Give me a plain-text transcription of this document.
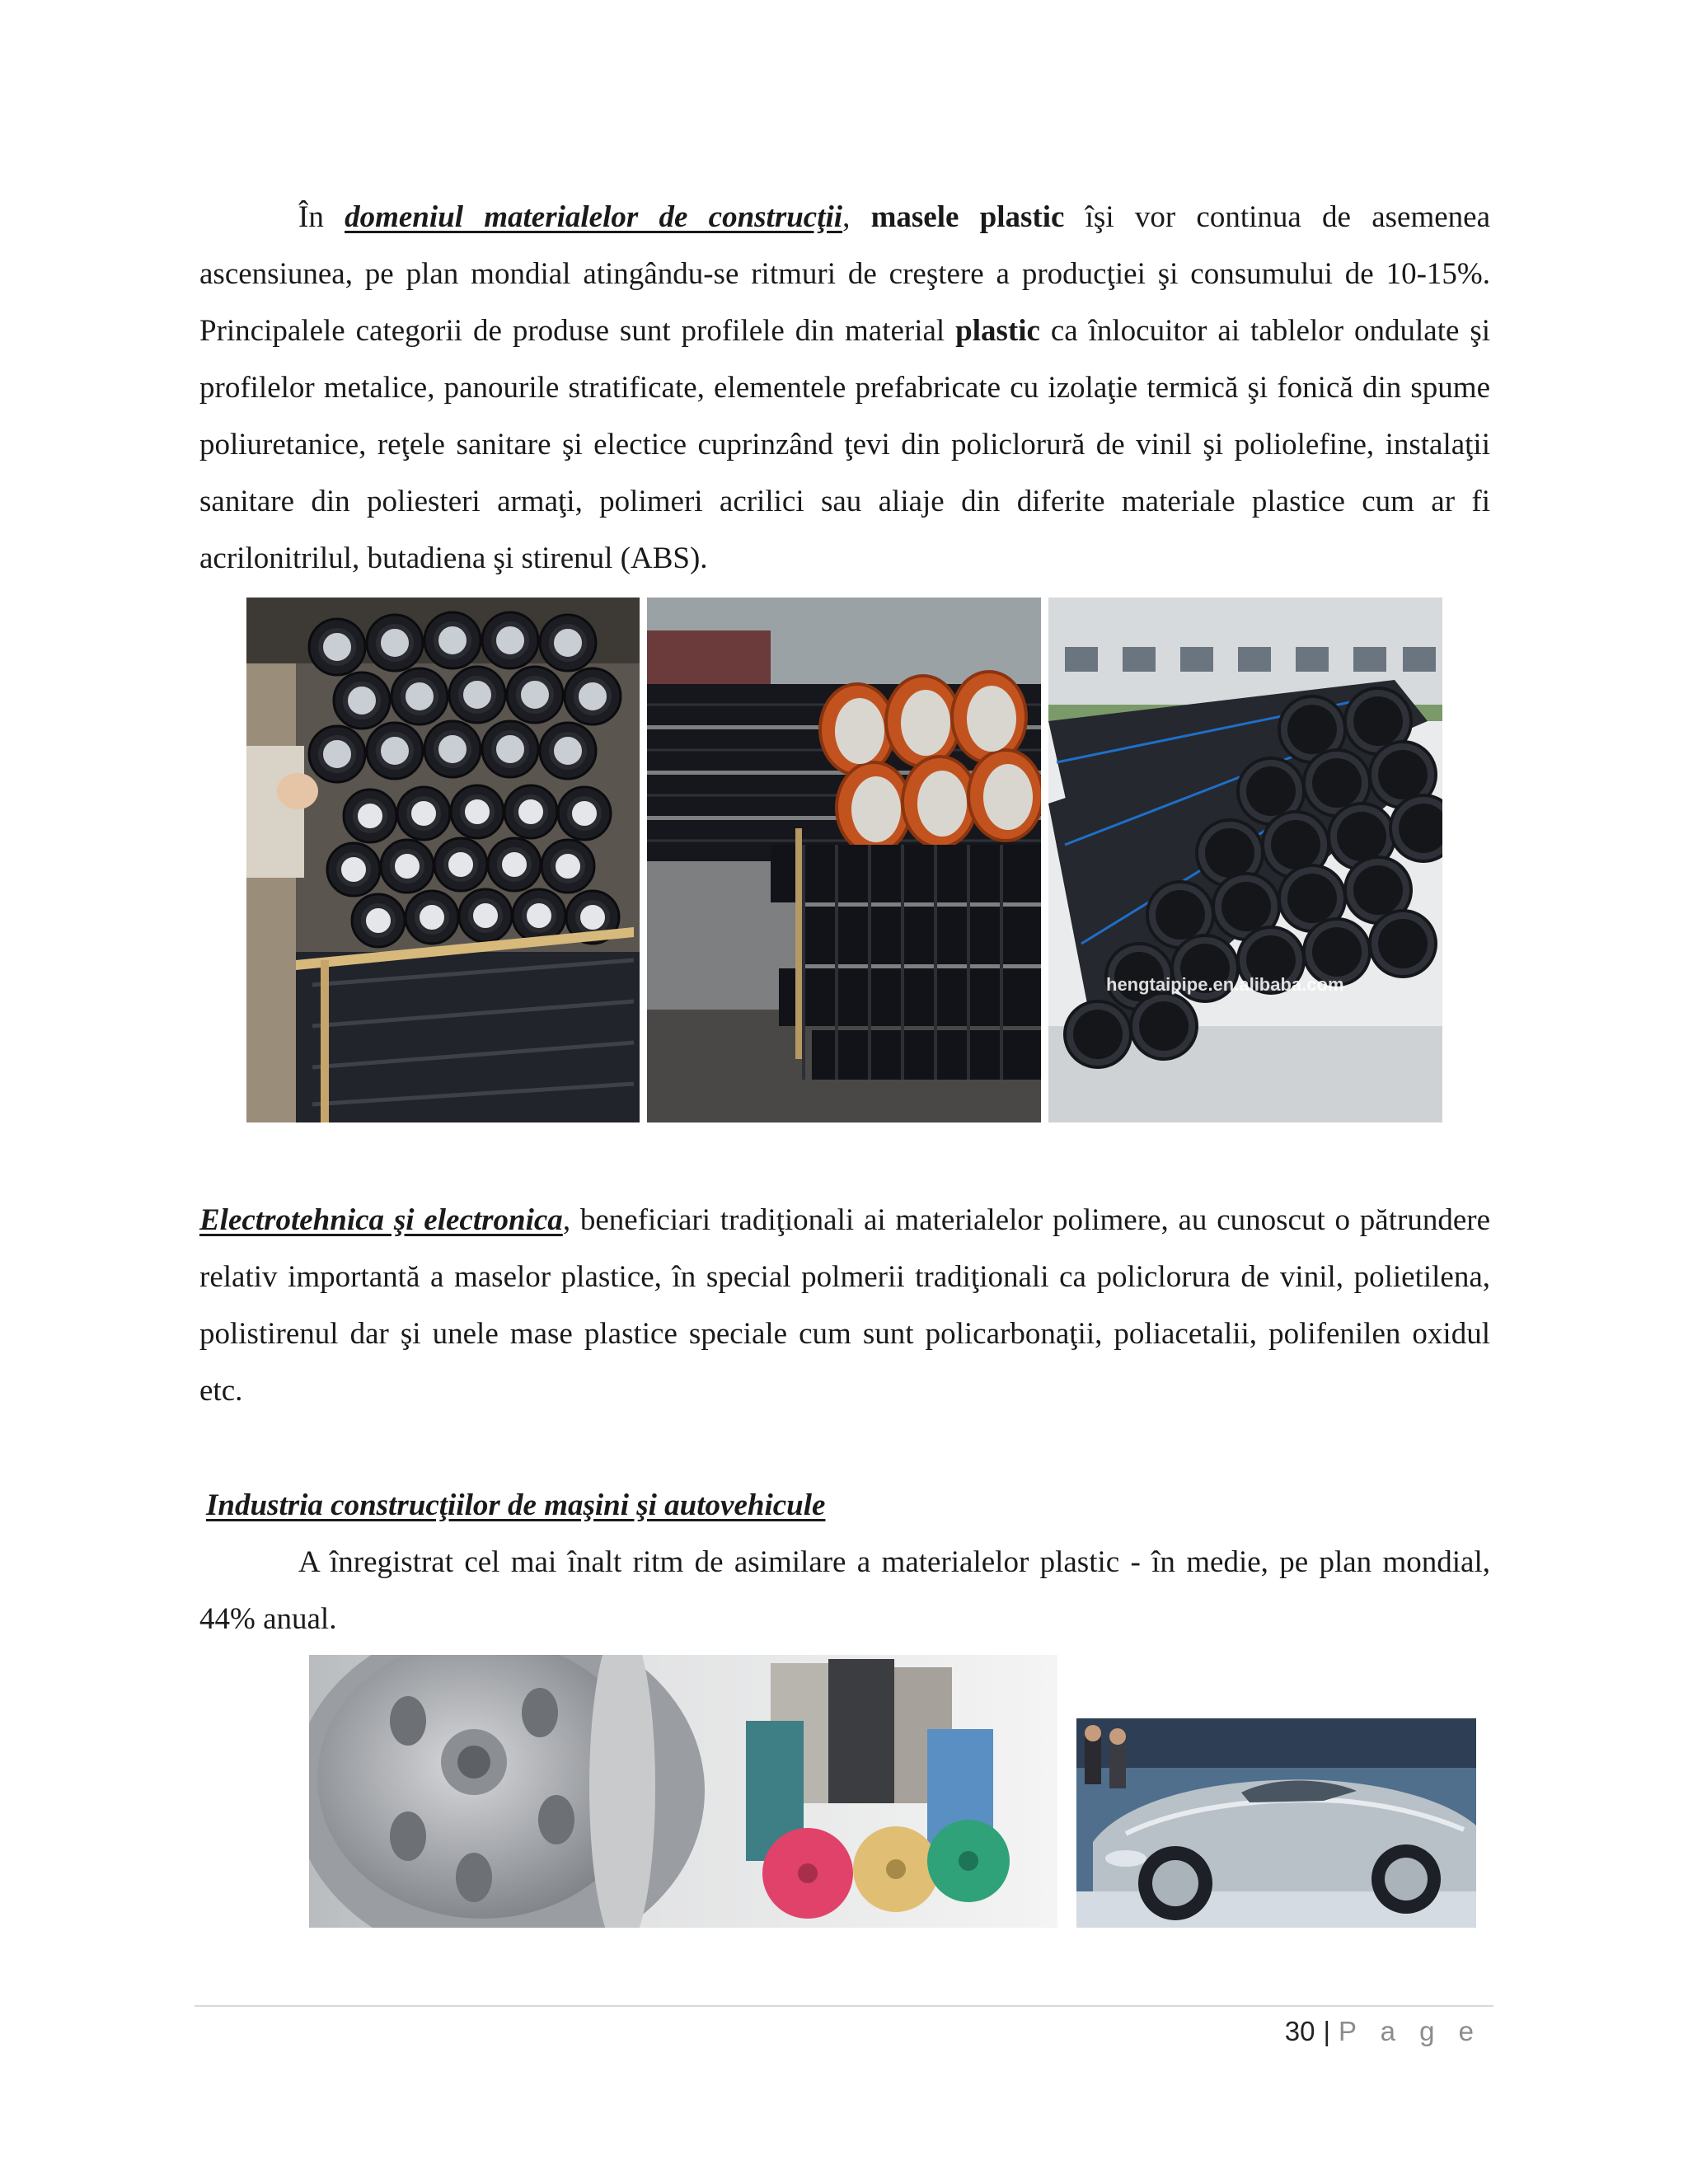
În domeniul materialelor de construcţii, masele plastic îşi vor continua de asemenea ascensiunea, pe plan mondial atingându-se ritmuri de creştere a producţiei şi consumului de 10-15%. Principalele categorii de produse sunt profilele din material plastic ca înlocuitor ai tablelor ondulate şi profilelor metalice, panourile stratificate, elementele prefabricate cu izolaţie termică şi fonică din spume poliuretanice, reţele sanitare şi electice cuprinzând ţevi din policlorură de vinil şi poliolefine, instalaţii sanitare din poliesteri armaţi, polimeri acrilici sau aliaje din diferite materiale plastice cum ar fi acrilonitrilul, butadiena şi stirenul (ABS).
hengtaipipe.en.alibaba.com
Electrotehnica şi electronica, beneficiari tradiţionali ai materialelor polimere, au cunoscut o pătrundere relativ importantă a maselor plastice, în special polmerii tradiţionali ca policlorura de vinil, polietilena, polistirenul dar şi unele mase plastice speciale cum sunt policarbonaţii, poliacetalii, polifenilen oxidul etc.
Industria construcţiilor de maşini şi autovehicule
A înregistrat cel mai înalt ritm de asimilare a materialelor plastic - în medie, pe plan mondial, 44% anual.
30 | P a g e
